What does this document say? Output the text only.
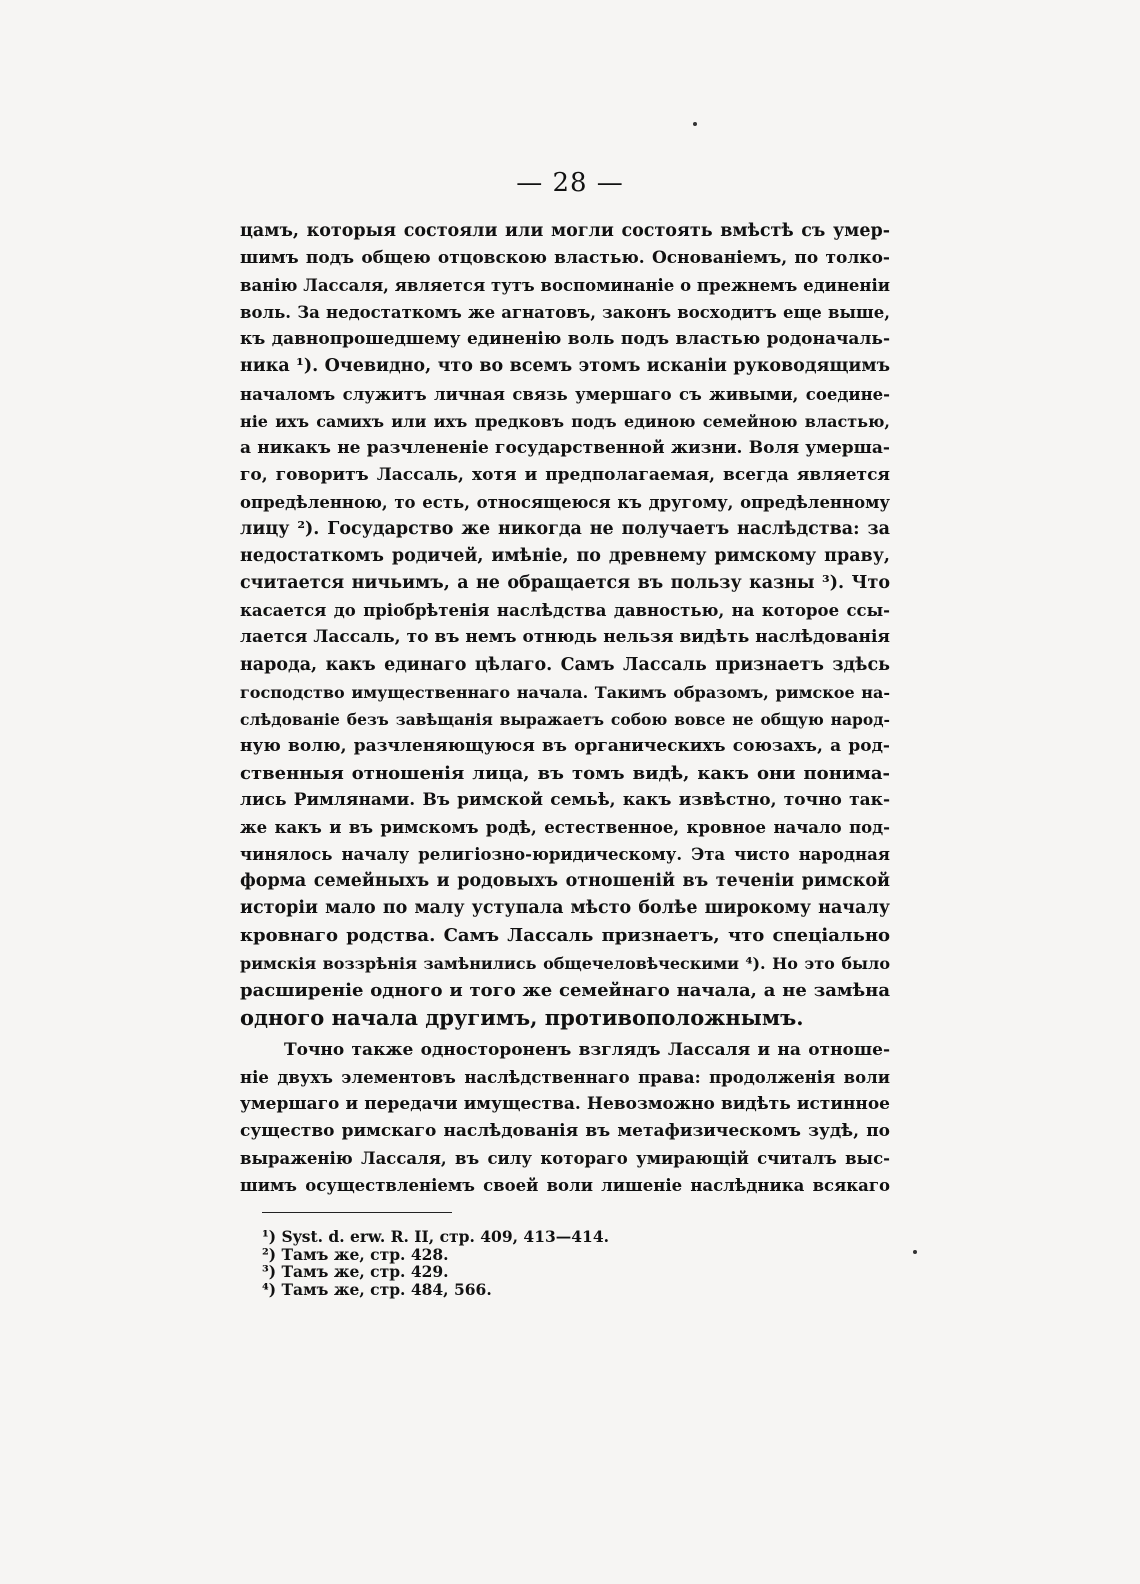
— 28 —
цамъ, которыя состояли или могли состоять вмѣстѣ съ умер-
шимъ подъ общею отцовскою властью. Основаніемъ, по толко-
ванію Лассаля, является тутъ воспоминаніе о прежнемъ единеніи
воль. За недостаткомъ же агнатовъ, законъ восходитъ еще выше,
къ давнопрошедшему единенію воль подъ властью родоначаль-
ника ¹). Очевидно, что во всемъ этомъ исканіи руководящимъ
началомъ служитъ личная связь умершаго съ живыми, соедине-
ніе ихъ самихъ или ихъ предковъ подъ единою семейною властью,
а никакъ не разчлененіе государственной жизни. Воля умерша-
го, говоритъ Лассаль, хотя и предполагаемая, всегда является
опредѣленною, то есть, относящеюся къ другому, опредѣленному
лицу ²). Государство же никогда не получаетъ наслѣдства: за
недостаткомъ родичей, имѣніе, по древнему римскому праву,
считается ничьимъ, а не обращается въ пользу казны ³). Что
касается до пріобрѣтенія наслѣдства давностью, на которое ссы-
лается Лассаль, то въ немъ отнюдь нельзя видѣть наслѣдованія
народа, какъ единаго цѣлаго. Самъ Лассаль признаетъ здѣсь
господство имущественнаго начала. Такимъ образомъ, римское на-
слѣдованіе безъ завѣщанія выражаетъ собою вовсе не общую народ-
ную волю, разчленяющуюся въ органическихъ союзахъ, а род-
ственныя отношенія лица, въ томъ видѣ, какъ они понима-
лись Римлянами. Въ римской семьѣ, какъ извѣстно, точно так-
же какъ и въ римскомъ родѣ, естественное, кровное начало под-
чинялось началу религіозно-юридическому. Эта чисто народная
форма семейныхъ и родовыхъ отношеній въ теченіи римской
исторіи мало по малу уступала мѣсто болѣе широкому началу
кровнаго родства. Самъ Лассаль признаетъ, что спеціально
римскія воззрѣнія замѣнились общечеловѣческими ⁴). Но это было
расширеніе одного и того же семейнаго начала, а не замѣна
одного начала другимъ, противоположнымъ.
Точно также одностороненъ взглядъ Лассаля и на отноше-
ніе двухъ элементовъ наслѣдственнаго права: продолженія воли
умершаго и передачи имущества. Невозможно видѣть истинное
существо римскаго наслѣдованія въ метафизическомъ зудѣ, по
выраженію Лассаля, въ силу котораго умирающій считалъ выс-
шимъ осуществленіемъ своей воли лишеніе наслѣдника всякаго
¹) Syst. d. erw. R. II, стр. 409, 413—414.
²) Тамъ же, стр. 428.
³) Тамъ же, стр. 429.
⁴) Тамъ же, стр. 484, 566.
